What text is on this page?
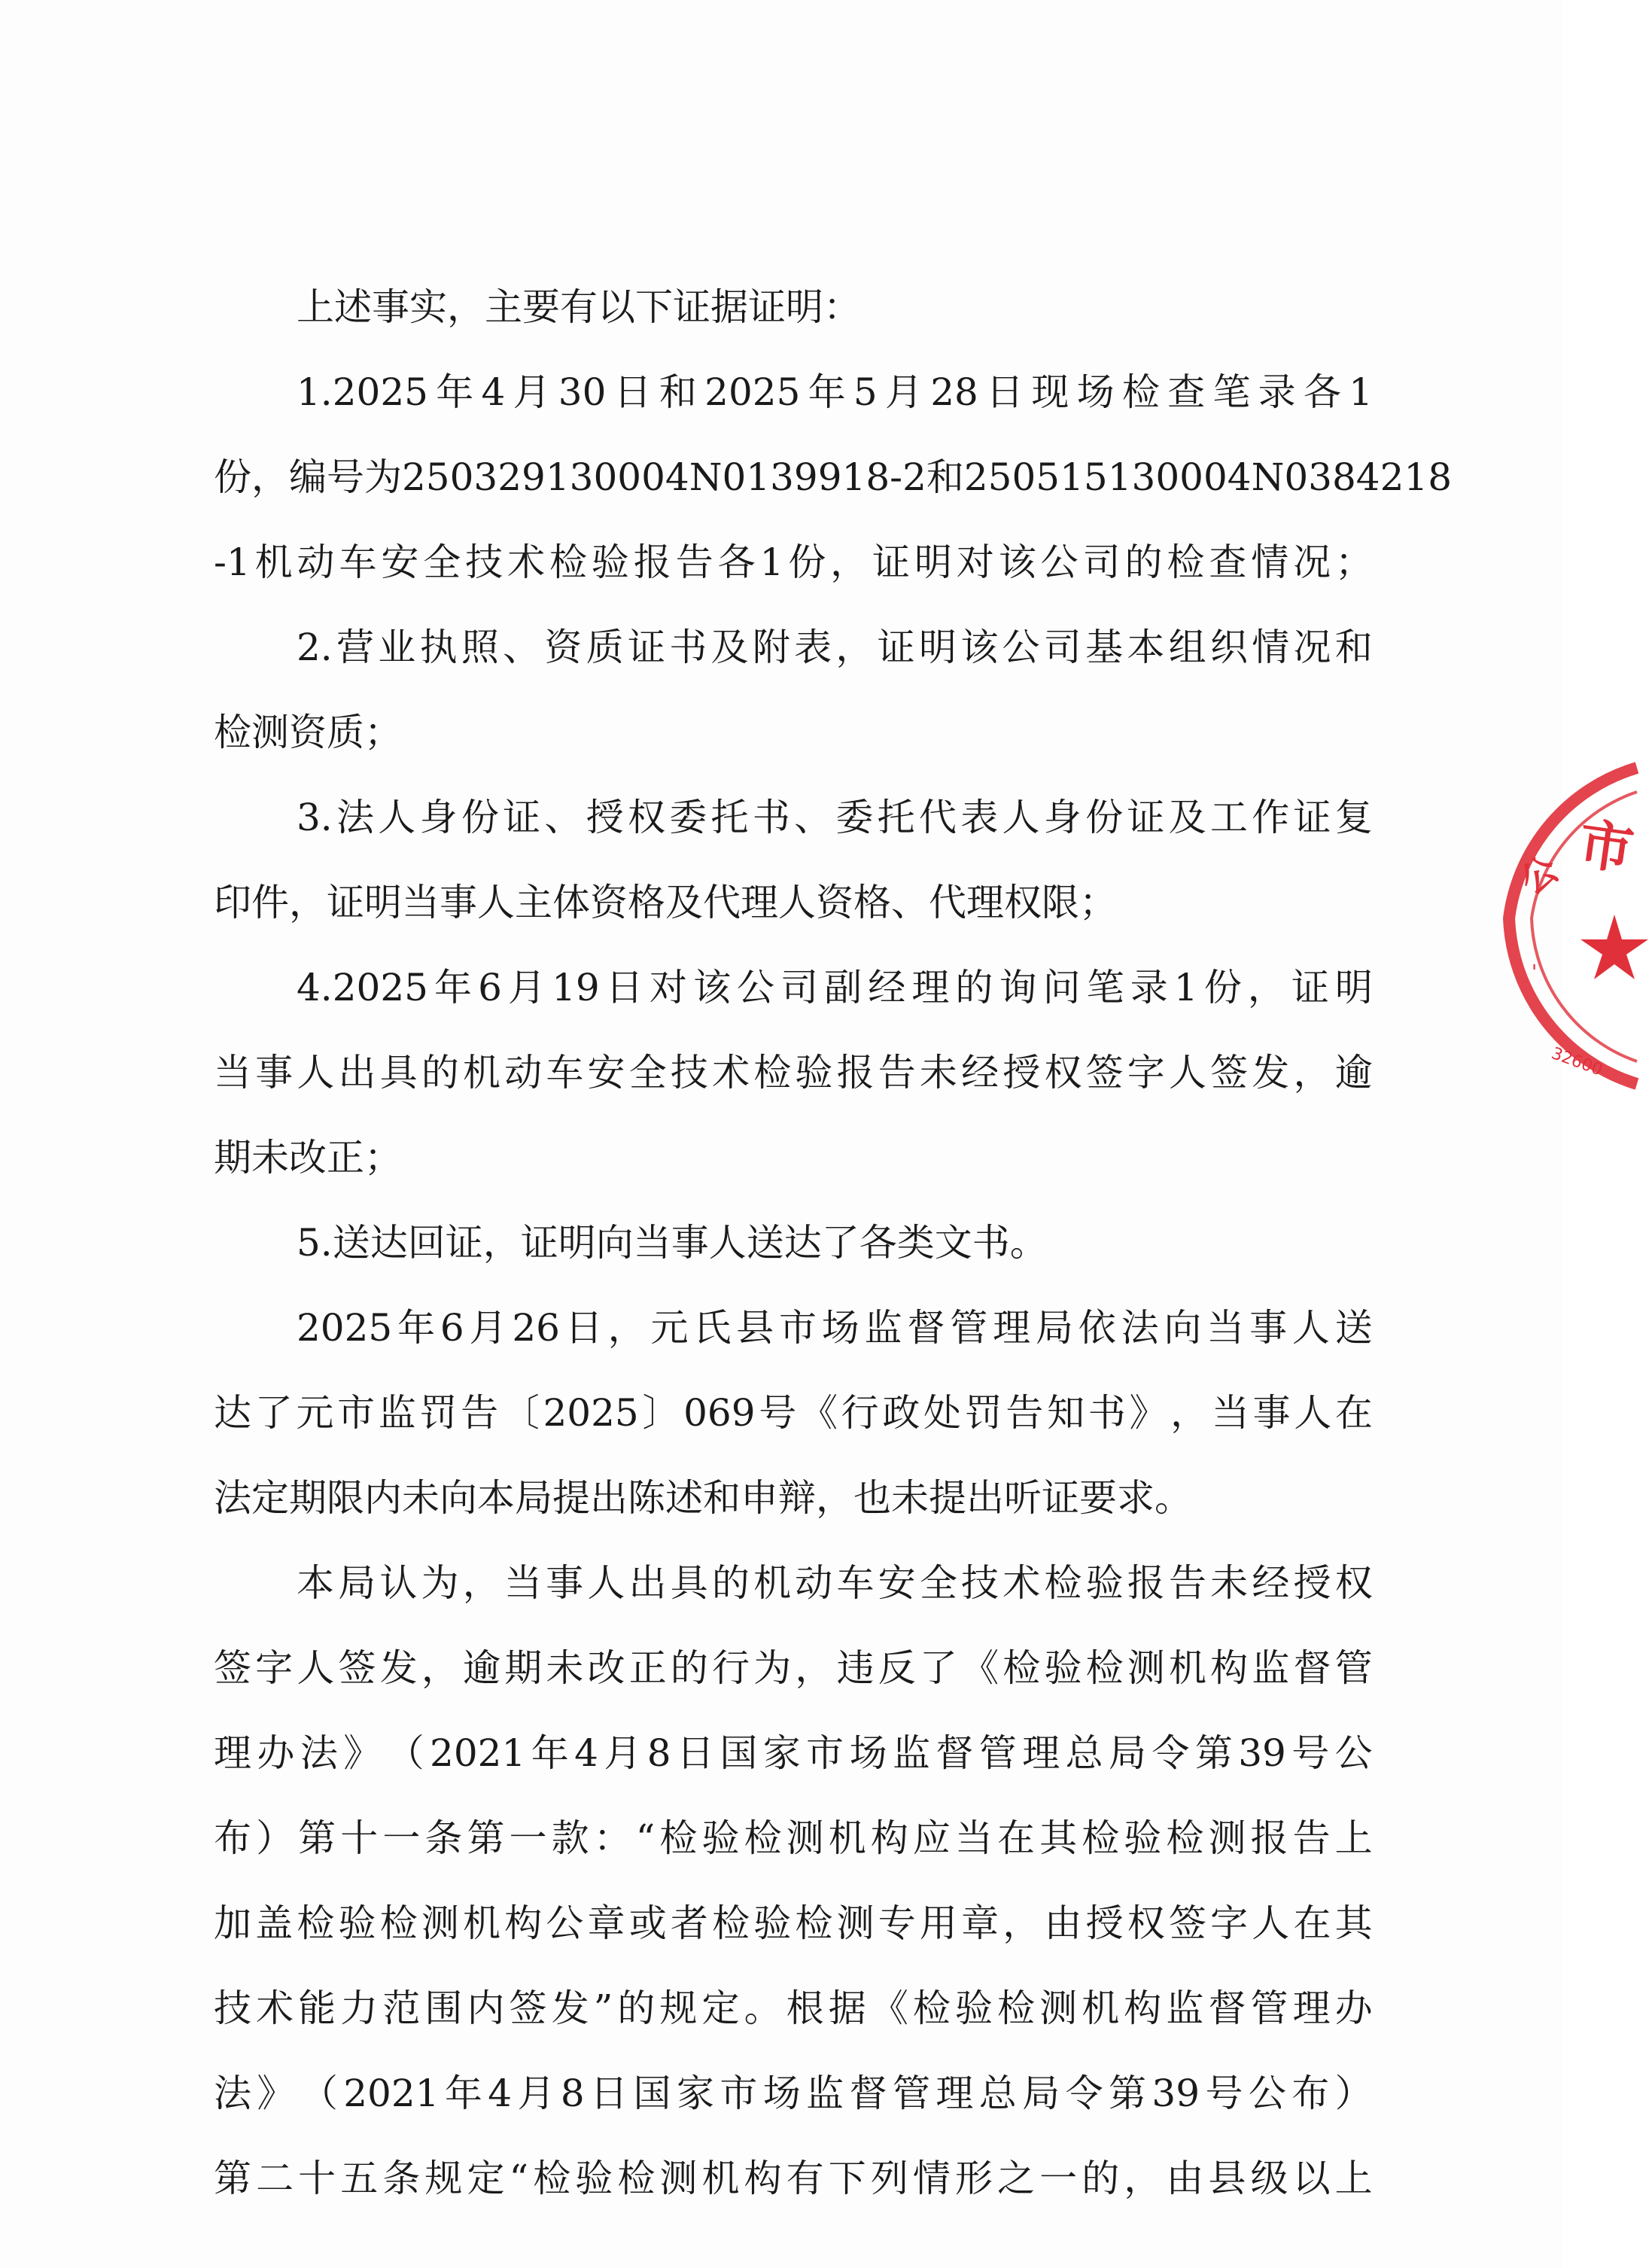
上述事实，主要有以下证据证明：
1.2025 年 4 月 30 日 和 2025 年 5 月 28 日 现 场 检 查 笔 录 各 1
份 ， 编 号 为 250329130004N0139918-2 和 250515130004N0384218
-1 机 动 车 安 全 技 术 检 验 报 告 各 1 份 ， 证 明 对 该 公 司 的 检 查 情 况 ；
2. 营 业 执 照 、 资 质 证 书 及 附 表 ， 证 明 该 公 司 基 本 组 织 情 况 和
检测资质；
3. 法 人 身 份 证 、 授 权 委 托 书 、 委 托 代 表 人 身 份 证 及 工 作 证 复
印件，证明当事人主体资格及代理人资格、代理权限；
4.2025 年 6 月 19 日 对 该 公 司 副 经 理 的 询 问 笔 录 1 份 ， 证 明
当 事 人 出 具 的 机 动 车 安 全 技 术 检 验 报 告 未 经 授 权 签 字 人 签 发 ， 逾
期未改正；
5.送达回证，证明向当事人送达了各类文书。
2025 年 6 月 26 日 ， 元 氏 县 市 场 监 督 管 理 局 依 法 向 当 事 人 送
达 了 元 市 监 罚 告 〔 2025 〕 069 号 《 行 政 处 罚 告 知 书 》 ， 当 事 人 在
法定期限内未向本局提出陈述和申辩，也未提出听证要求。
本 局 认 为 ， 当 事 人 出 具 的 机 动 车 安 全 技 术 检 验 报 告 未 经 授 权
签 字 人 签 发 ， 逾 期 未 改 正 的 行 为 ， 违 反 了 《 检 验 检 测 机 构 监 督 管
理 办 法 》 （ 2021 年 4 月 8 日 国 家 市 场 监 督 管 理 总 局 令 第 39 号 公
布 ） 第 十 一 条 第 一 款 ： “ 检 验 检 测 机 构 应 当 在 其 检 验 检 测 报 告 上
加 盖 检 验 检 测 机 构 公 章 或 者 检 验 检 测 专 用 章 ， 由 授 权 签 字 人 在 其
技 术 能 力 范 围 内 签 发 ” 的 规 定 。 根 据 《 检 验 检 测 机 构 监 督 管 理 办
法 》 （ 2021 年 4 月 8 日 国 家 市 场 监 督 管 理 总 局 令 第 39 号 公 布 ）
第 二 十 五 条 规 定 “ 检 验 检 测 机 构 有 下 列 情 形 之 一 的 ， 由 县 级 以 上
市
公
'
32600
